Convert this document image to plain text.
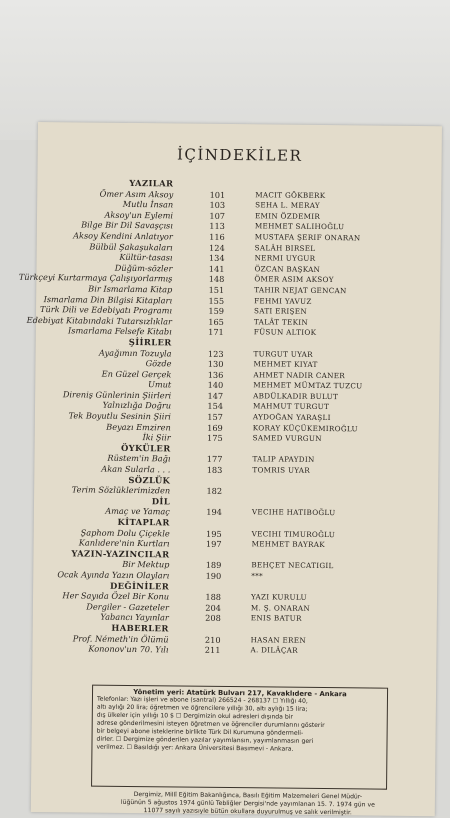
İÇİNDEKİLER
YAZILAR
Ömer Asım Aksoy	101	MACIT GÖKBERK
Mutlu İnsan	103	SEHA L. MERAY
Aksoy'un Eylemi	107	EMIN ÖZDEMIR
Bilge Bir Dil Savaşçısı	113	MEHMET SALIHOĞLU
Aksoy Kendini Anlatıyor	116	MUSTAFA ŞERIF ONARAN
Bülbül Şakaşukaları	124	SALÂH BIRSEL
Kültür-tasası	134	NERMI UYGUR
Düğüm-sözler	141	ÖZCAN BAŞKAN
Türkçeyi Kurtarmaya Çalışıyorlarmış	148	ÖMER ASIM AKSOY
Bir Ismarlama Kitap	151	TAHIR NEJAT GENCAN
Ismarlama Din Bilgisi Kitapları	155	FEHMI YAVUZ
Türk Dili ve Edebiyatı Programı	159	SATI ERIŞEN
Edebiyat Kitabındaki Tutarsızlıklar	165	TALÂT TEKIN
Ismarlama Felsefe Kitabı	171	FÜSUN ALTIOK
ŞİİRLER
Ayağımın Tozuyla	123	TURGUT UYAR
Gözde	130	MEHMET KIYAT
En Güzel Gerçek	136	AHMET NADIR CANER
Umut	140	MEHMET MÜMTAZ TUZCU
Direniş Günlerinin Şiirleri	147	ABDÜLKADIR BULUT
Yalnızlığa Doğru	154	MAHMUT TURGUT
Tek Boyutlu Sesinin Şiiri	157	AYDOĞAN YARAŞLI
Beyazı Emziren	169	KORAY KÜÇÜKEMIROĞLU
İki Şiir	175	SAMED VURGUN
ÖYKÜLER
Rüstem'in Bağı	177	TALIP APAYDIN
Akan Sularla . . .	183	TOMRIS UYAR
SÖZLÜK
Terim Sözlüklerimizden	182
DİL
Amaç ve Yamaç	194	VECIHE HATIBOĞLU
KİTAPLAR
Şaphom Dolu Çiçekle	195	VECIHI TIMUROĞLU
Kanlıdere'nin Kurtları	197	MEHMET BAYRAK
YAZIN-YAZINCILAR
Bir Mektup	189	BEHÇET NECATIGIL
Ocak Ayında Yazın Olayları	190	***
DEĞİNİLER
Her Sayıda Özel Bir Konu	188	YAZI KURULU
Dergiler - Gazeteler	204	M. Ş. ONARAN
Yabancı Yayınlar	208	ENIS BATUR
HABERLER
Prof. Németh'in Ölümü	210	HASAN EREN
Kononov'un 70. Yılı	211	A. DILÂÇAR
Yönetim yeri: Atatürk Bulvarı 217, Kavaklıdere - Ankara
Telefonlar: Yazı işleri ve abone (santral) 266524 - 268137 ☐ Yıllığı 40,
altı aylığı 20 lira; öğretmen ve öğrencilere yıllığı 30, altı aylığı 15 lira;
dış ülkeler için yıllığı 10 $ ☐ Dergimizin okul adresleri dışında bir
adrese gönderilmesini isteyen öğretmen ve öğrenciler durumlarını gösterir
bir belgeyi abone isteklerine birlikte Türk Dil Kurumuna göndermeli-
dirler. ☐ Dergimize gönderilen yazılar yayımlansın, yayımlanmasın geri
verilmez. ☐ Basıldığı yer: Ankara Üniversitesi Basımevi - Ankara.
Dergimiz, Millî Eğitim Bakanlığınca, Basılı Eğitim Malzemeleri Genel Müdür-
lüğünün 5 ağustos 1974 günlü Tebliğler Dergisi'nde yayımlanan 15. 7. 1974 gün ve
11077 sayılı yazısıyle bütün okullara duyurulmuş ve salık verilmiştir.
